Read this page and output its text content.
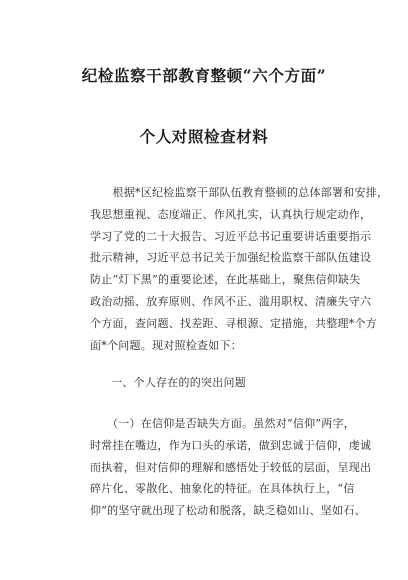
纪检监察干部教育整顿“六个方面”
个人对照检查材料
　　根据*区纪检监察干部队伍教育整顿的总体部署和安排，
我思想重视、态度端正、作风扎实，认真执行规定动作，
学习了党的二十大报告、习近平总书记重要讲话重要指示
批示精神，习近平总书记关于加强纪检监察干部队伍建设
防止“灯下黑”的重要论述，在此基础上，聚焦信仰缺失
政治动摇、放弃原则、作风不正、滥用职权、清廉失守六
个方面，查问题、找差距、寻根源、定措施，共整理*个方
面*个问题。现对照检查如下：
一、个人存在的的突出问题
　　（一）在信仰是否缺失方面。虽然对“信仰”两字，
时常挂在嘴边，作为口头的承诺，做到忠诚于信仰，虔诚
而执着，但对信仰的理解和感悟处于较低的层面，呈现出
碎片化、零散化、抽象化的特征。在具体执行上，“信
仰”的坚守就出现了松动和脱落，缺乏稳如山、坚如石、
